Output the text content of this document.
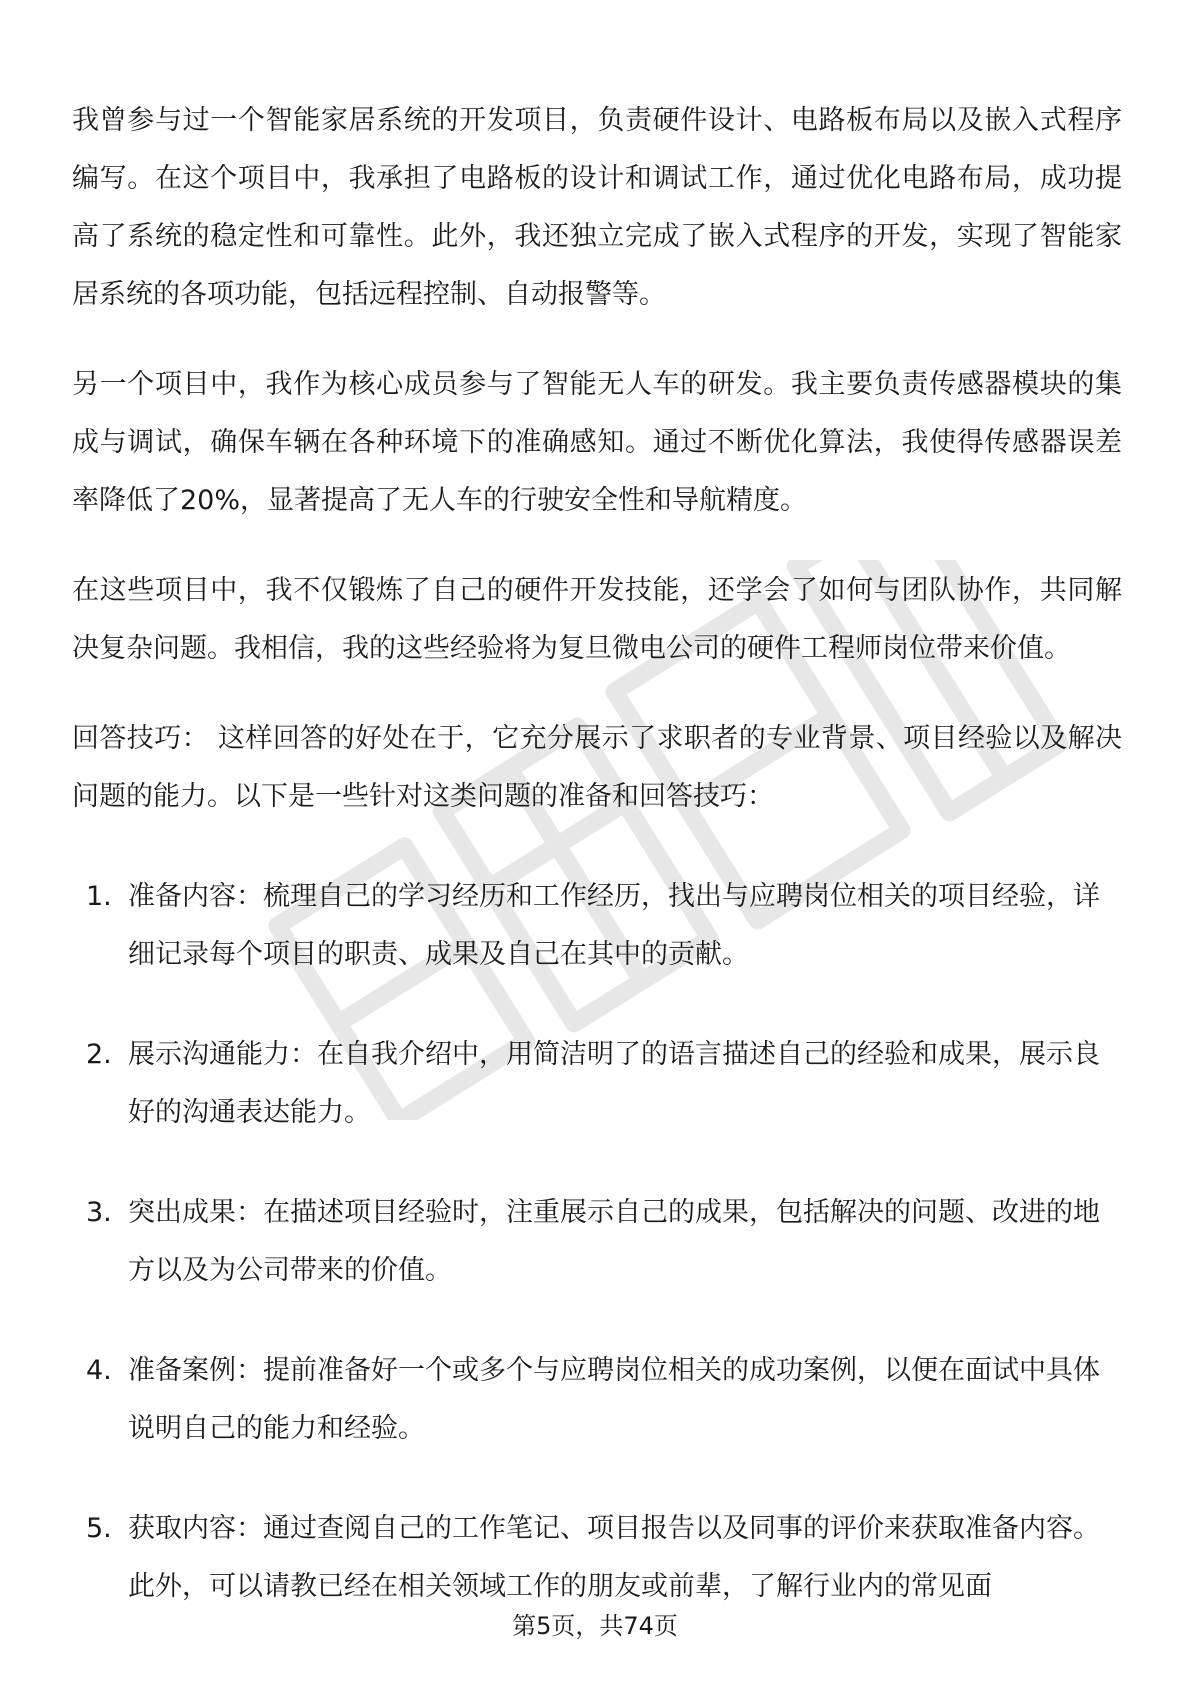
我曾参与过一个智能家居系统的开发项目，负责硬件设计、电路板布局以及嵌入式程序编写。在这个项目中，我承担了电路板的设计和调试工作，通过优化电路布局，成功提高了系统的稳定性和可靠性。此外，我还独立完成了嵌入式程序的开发，实现了智能家居系统的各项功能，包括远程控制、自动报警等。

另一个项目中，我作为核心成员参与了智能无人车的研发。我主要负责传感器模块的集成与调试，确保车辆在各种环境下的准确感知。通过不断优化算法，我使得传感器误差率降低了20%，显著提高了无人车的行驶安全性和导航精度。

在这些项目中，我不仅锻炼了自己的硬件开发技能，还学会了如何与团队协作，共同解决复杂问题。我相信，我的这些经验将为复旦微电公司的硬件工程师岗位带来价值。

回答技巧： 这样回答的好处在于，它充分展示了求职者的专业背景、项目经验以及解决问题的能力。以下是一些针对这类问题的准备和回答技巧：

1. 准备内容：梳理自己的学习经历和工作经历，找出与应聘岗位相关的项目经验，详细记录每个项目的职责、成果及自己在其中的贡献。
2. 展示沟通能力：在自我介绍中，用简洁明了的语言描述自己的经验和成果，展示良好的沟通表达能力。
3. 突出成果：在描述项目经验时，注重展示自己的成果，包括解决的问题、改进的地方以及为公司带来的价值。
4. 准备案例：提前准备好一个或多个与应聘岗位相关的成功案例，以便在面试中具体说明自己的能力和经验。
5. 获取内容：通过查阅自己的工作笔记、项目报告以及同事的评价来获取准备内容。此外，可以请教已经在相关领域工作的朋友或前辈，了解行业内的常见面
第5页，共74页
